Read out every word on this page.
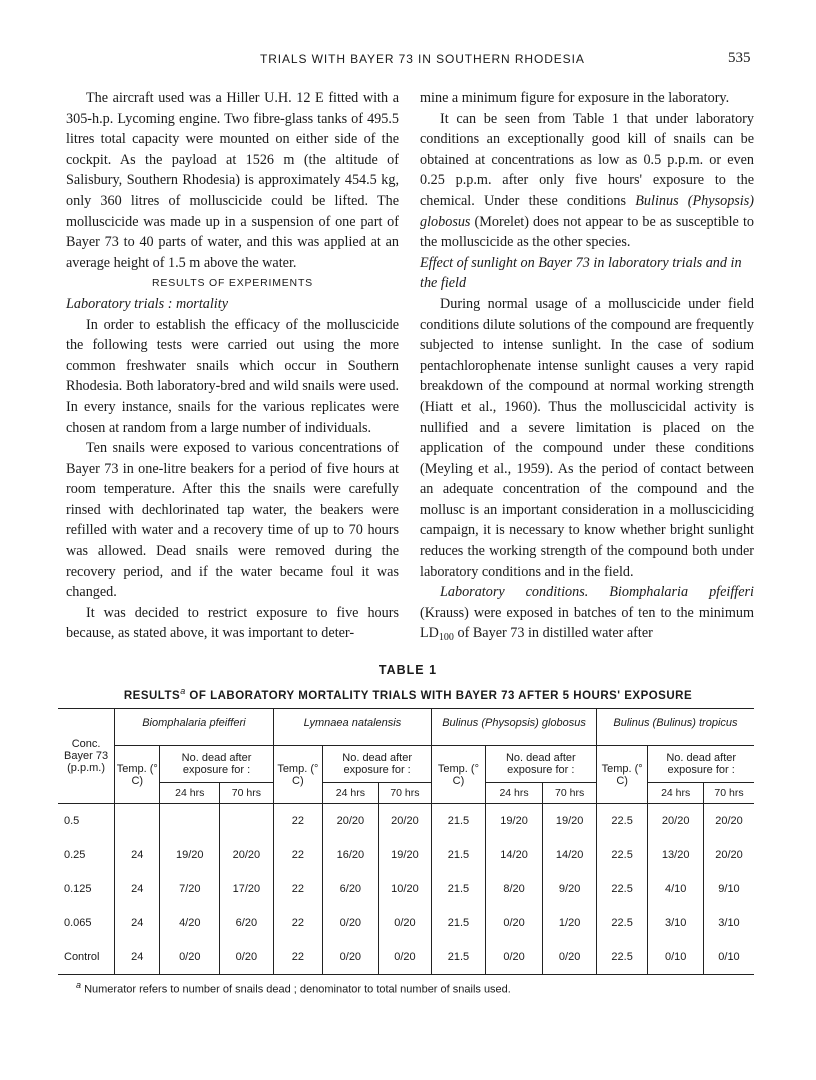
TRIALS WITH BAYER 73 IN SOUTHERN RHODESIA	535

The aircraft used was a Hiller U.H. 12 E fitted with a 305-h.p. Lycoming engine. Two fibre-glass tanks of 495.5 litres total capacity were mounted on either side of the cockpit. As the payload at 1526 m (the altitude of Salisbury, Southern Rhodesia) is approximately 454.5 kg, only 360 litres of molluscicide could be lifted. The molluscicide was made up in a suspension of one part of Bayer 73 to 40 parts of water, and this was applied at an average height of 1.5 m above the water.

RESULTS OF EXPERIMENTS

Laboratory trials : mortality

In order to establish the efficacy of the molluscicide the following tests were carried out using the more common freshwater snails which occur in Southern Rhodesia. Both laboratory-bred and wild snails were used. In every instance, snails for the various replicates were chosen at random from a large number of individuals.

Ten snails were exposed to various concentrations of Bayer 73 in one-litre beakers for a period of five hours at room temperature. After this the snails were carefully rinsed with dechlorinated tap water, the beakers were refilled with water and a recovery time of up to 70 hours was allowed. Dead snails were removed during the recovery period, and if the water became foul it was changed.

It was decided to restrict exposure to five hours because, as stated above, it was important to deter-

mine a minimum figure for exposure in the laboratory.

It can be seen from Table 1 that under laboratory conditions an exceptionally good kill of snails can be obtained at concentrations as low as 0.5 p.p.m. or even 0.25 p.p.m. after only five hours' exposure to the chemical. Under these conditions Bulinus (Physopsis) globosus (Morelet) does not appear to be as susceptible to the molluscicide as the other species.

Effect of sunlight on Bayer 73 in laboratory trials and in the field

During normal usage of a molluscicide under field conditions dilute solutions of the compound are frequently subjected to intense sunlight. In the case of sodium pentachlorophenate intense sunlight causes a very rapid breakdown of the compound at normal working strength (Hiatt et al., 1960). Thus the molluscicidal activity is nullified and a severe limitation is placed on the application of the compound under these conditions (Meyling et al., 1959). As the period of contact between an adequate concentration of the compound and the mollusc is an important consideration in a mollusciciding campaign, it is necessary to know whether bright sunlight reduces the working strength of the compound both under laboratory conditions and in the field.

Laboratory conditions. Biomphalaria pfeifferi (Krauss) were exposed in batches of ten to the minimum $LD_{100}$ of Bayer 73 in distilled water after

TABLE 1
RESULTS$^a$ OF LABORATORY MORTALITY TRIALS WITH BAYER 73 AFTER 5 HOURS' EXPOSURE
Conc. Bayer 73 (p.p.m.)	Biomphalaria pfeifferi			Lymnaea natalensis			Bulinus (Physopsis) globosus			Bulinus (Bulinus) tropicus		
	Temp. (° C)	No. dead after exposure for :		Temp. (° C)	No. dead after exposure for :		Temp. (° C)	No. dead after exposure for :		Temp. (° C)	No. dead after exposure for :	
		24 hrs	70 hrs		24 hrs	70 hrs		24 hrs	70 hrs		24 hrs	70 hrs
0.5				22	20/20	20/20	21.5	19/20	19/20	22.5	20/20	20/20
0.25	24	19/20	20/20	22	16/20	19/20	21.5	14/20	14/20	22.5	13/20	20/20
0.125	24	7/20	17/20	22	6/20	10/20	21.5	8/20	9/20	22.5	4/10	9/10
0.065	24	4/20	6/20	22	0/20	0/20	21.5	0/20	1/20	22.5	3/10	3/10
Control	24	0/20	0/20	22	0/20	0/20	21.5	0/20	0/20	22.5	0/10	0/10
$^a$ Numerator refers to number of snails dead ; denominator to total number of snails used.
